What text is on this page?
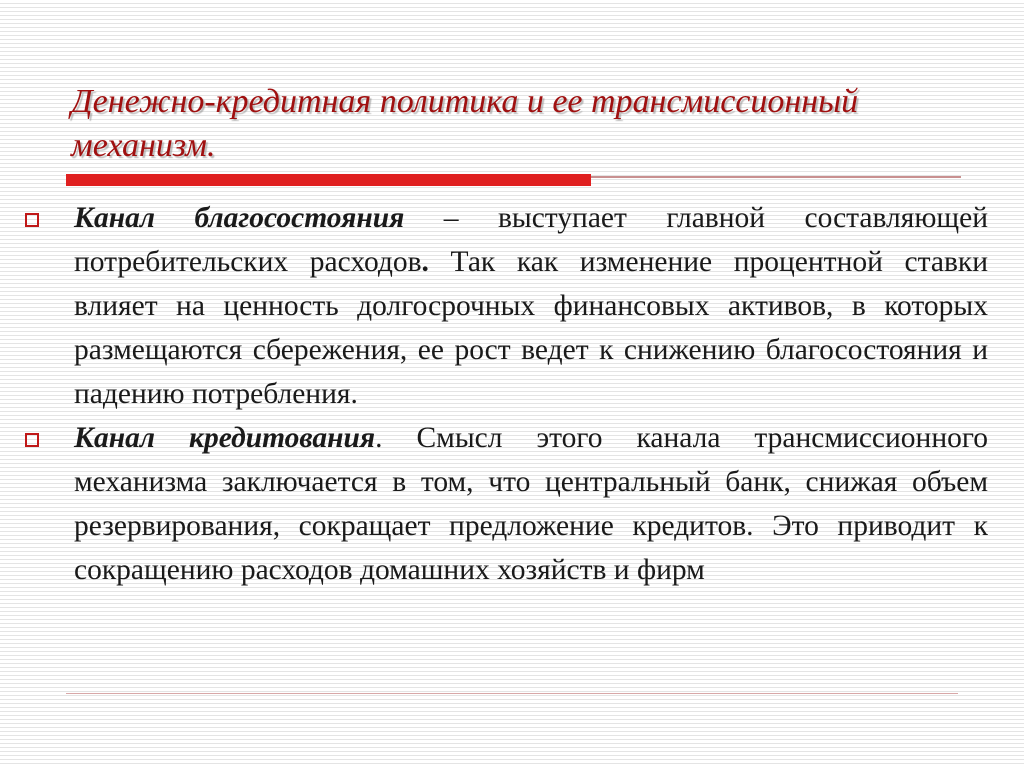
Денежно-кредитная политика и ее трансмиссионный механизм.
Канал благосостояния – выступает главной составляющей потребительских расходов. Так как изменение процентной ставки влияет на ценность долгосрочных финансовых активов, в которых размещаются сбережения, ее рост ведет к снижению благосостояния и падению потребления.
Канал кредитования. Смысл этого канала трансмиссионного механизма заключается в том, что центральный банк, снижая объем резервирования, сокращает предложение кредитов. Это приводит к сокращению расходов домашних хозяйств и фирм
